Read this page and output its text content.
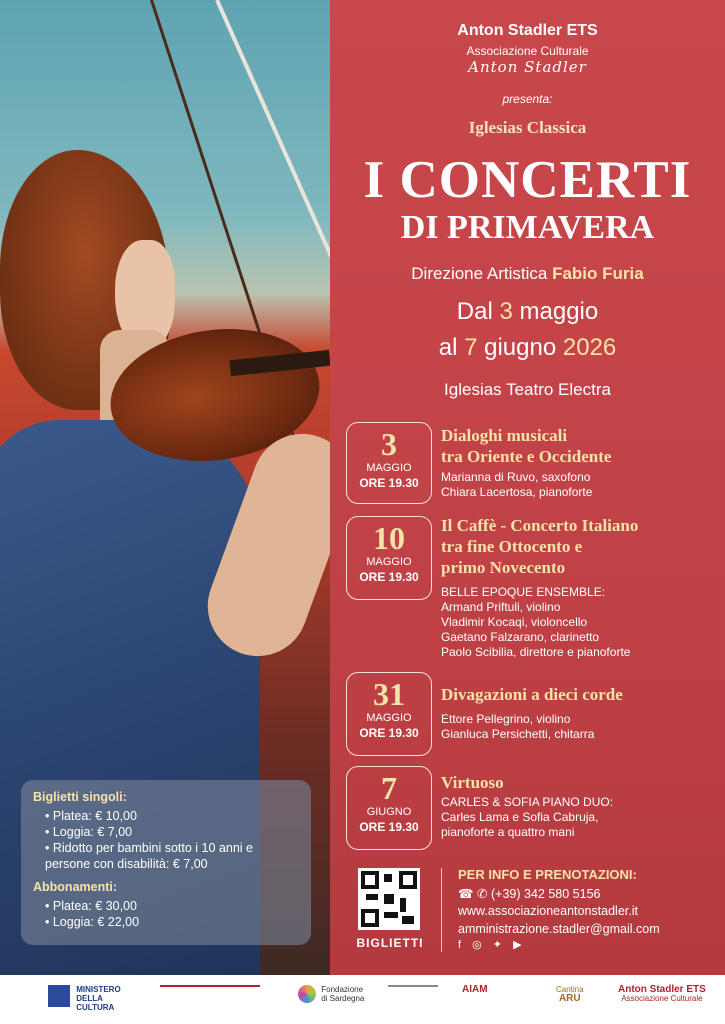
Anton Stadler ETS
Associazione Culturale
Anton Stadler
presenta:
Iglesias Classica
I CONCERTI
DI PRIMAVERA
Direzione Artistica Fabio Furia
Dal 3 maggio
al 7 giugno 2026
Iglesias Teatro Electra
3
MAGGIO
ORE 19.30
Dialoghi musicali
tra Oriente e Occidente
Marianna di Ruvo, saxofono
Chiara Lacertosa, pianoforte
10
MAGGIO
ORE 19.30
Il Caffè - Concerto Italiano
tra fine Ottocento e
primo Novecento
BELLE EPOQUE ENSEMBLE:
Armand Priftuli, violino
Vladimir Kocaqi, violoncello
Gaetano Falzarano, clarinetto
Paolo Scibilia, direttore e pianoforte
31
MAGGIO
ORE 19.30
Divagazioni a dieci corde
Ettore Pellegrino, violino
Gianluca Persichetti, chitarra
7
GIUGNO
ORE 19.30
Virtuoso
CARLES & SOFIA PIANO DUO:
Carles Lama e Sofia Cabruja,
pianoforte a quattro mani
Biglietti singoli:
• Platea: € 10,00
• Loggia: € 7,00
• Ridotto per bambini sotto i 10 anni e persone con disabilità: € 7,00
Abbonamenti:
• Platea: € 30,00
• Loggia: € 22,00
BIGLIETTI
PER INFO E PRENOTAZIONI:
☎ ✆ (+39) 342 580 5156
www.associazioneantonstadler.it
amministrazione.stadler@gmail.com
f ◎ ✦ ▶

MINISTERO
DELLA
CULTURA

Fondazione
di Sardegna
AIAM	Cantina
ARU
Anton Stadler ETS
Associazione Culturale
